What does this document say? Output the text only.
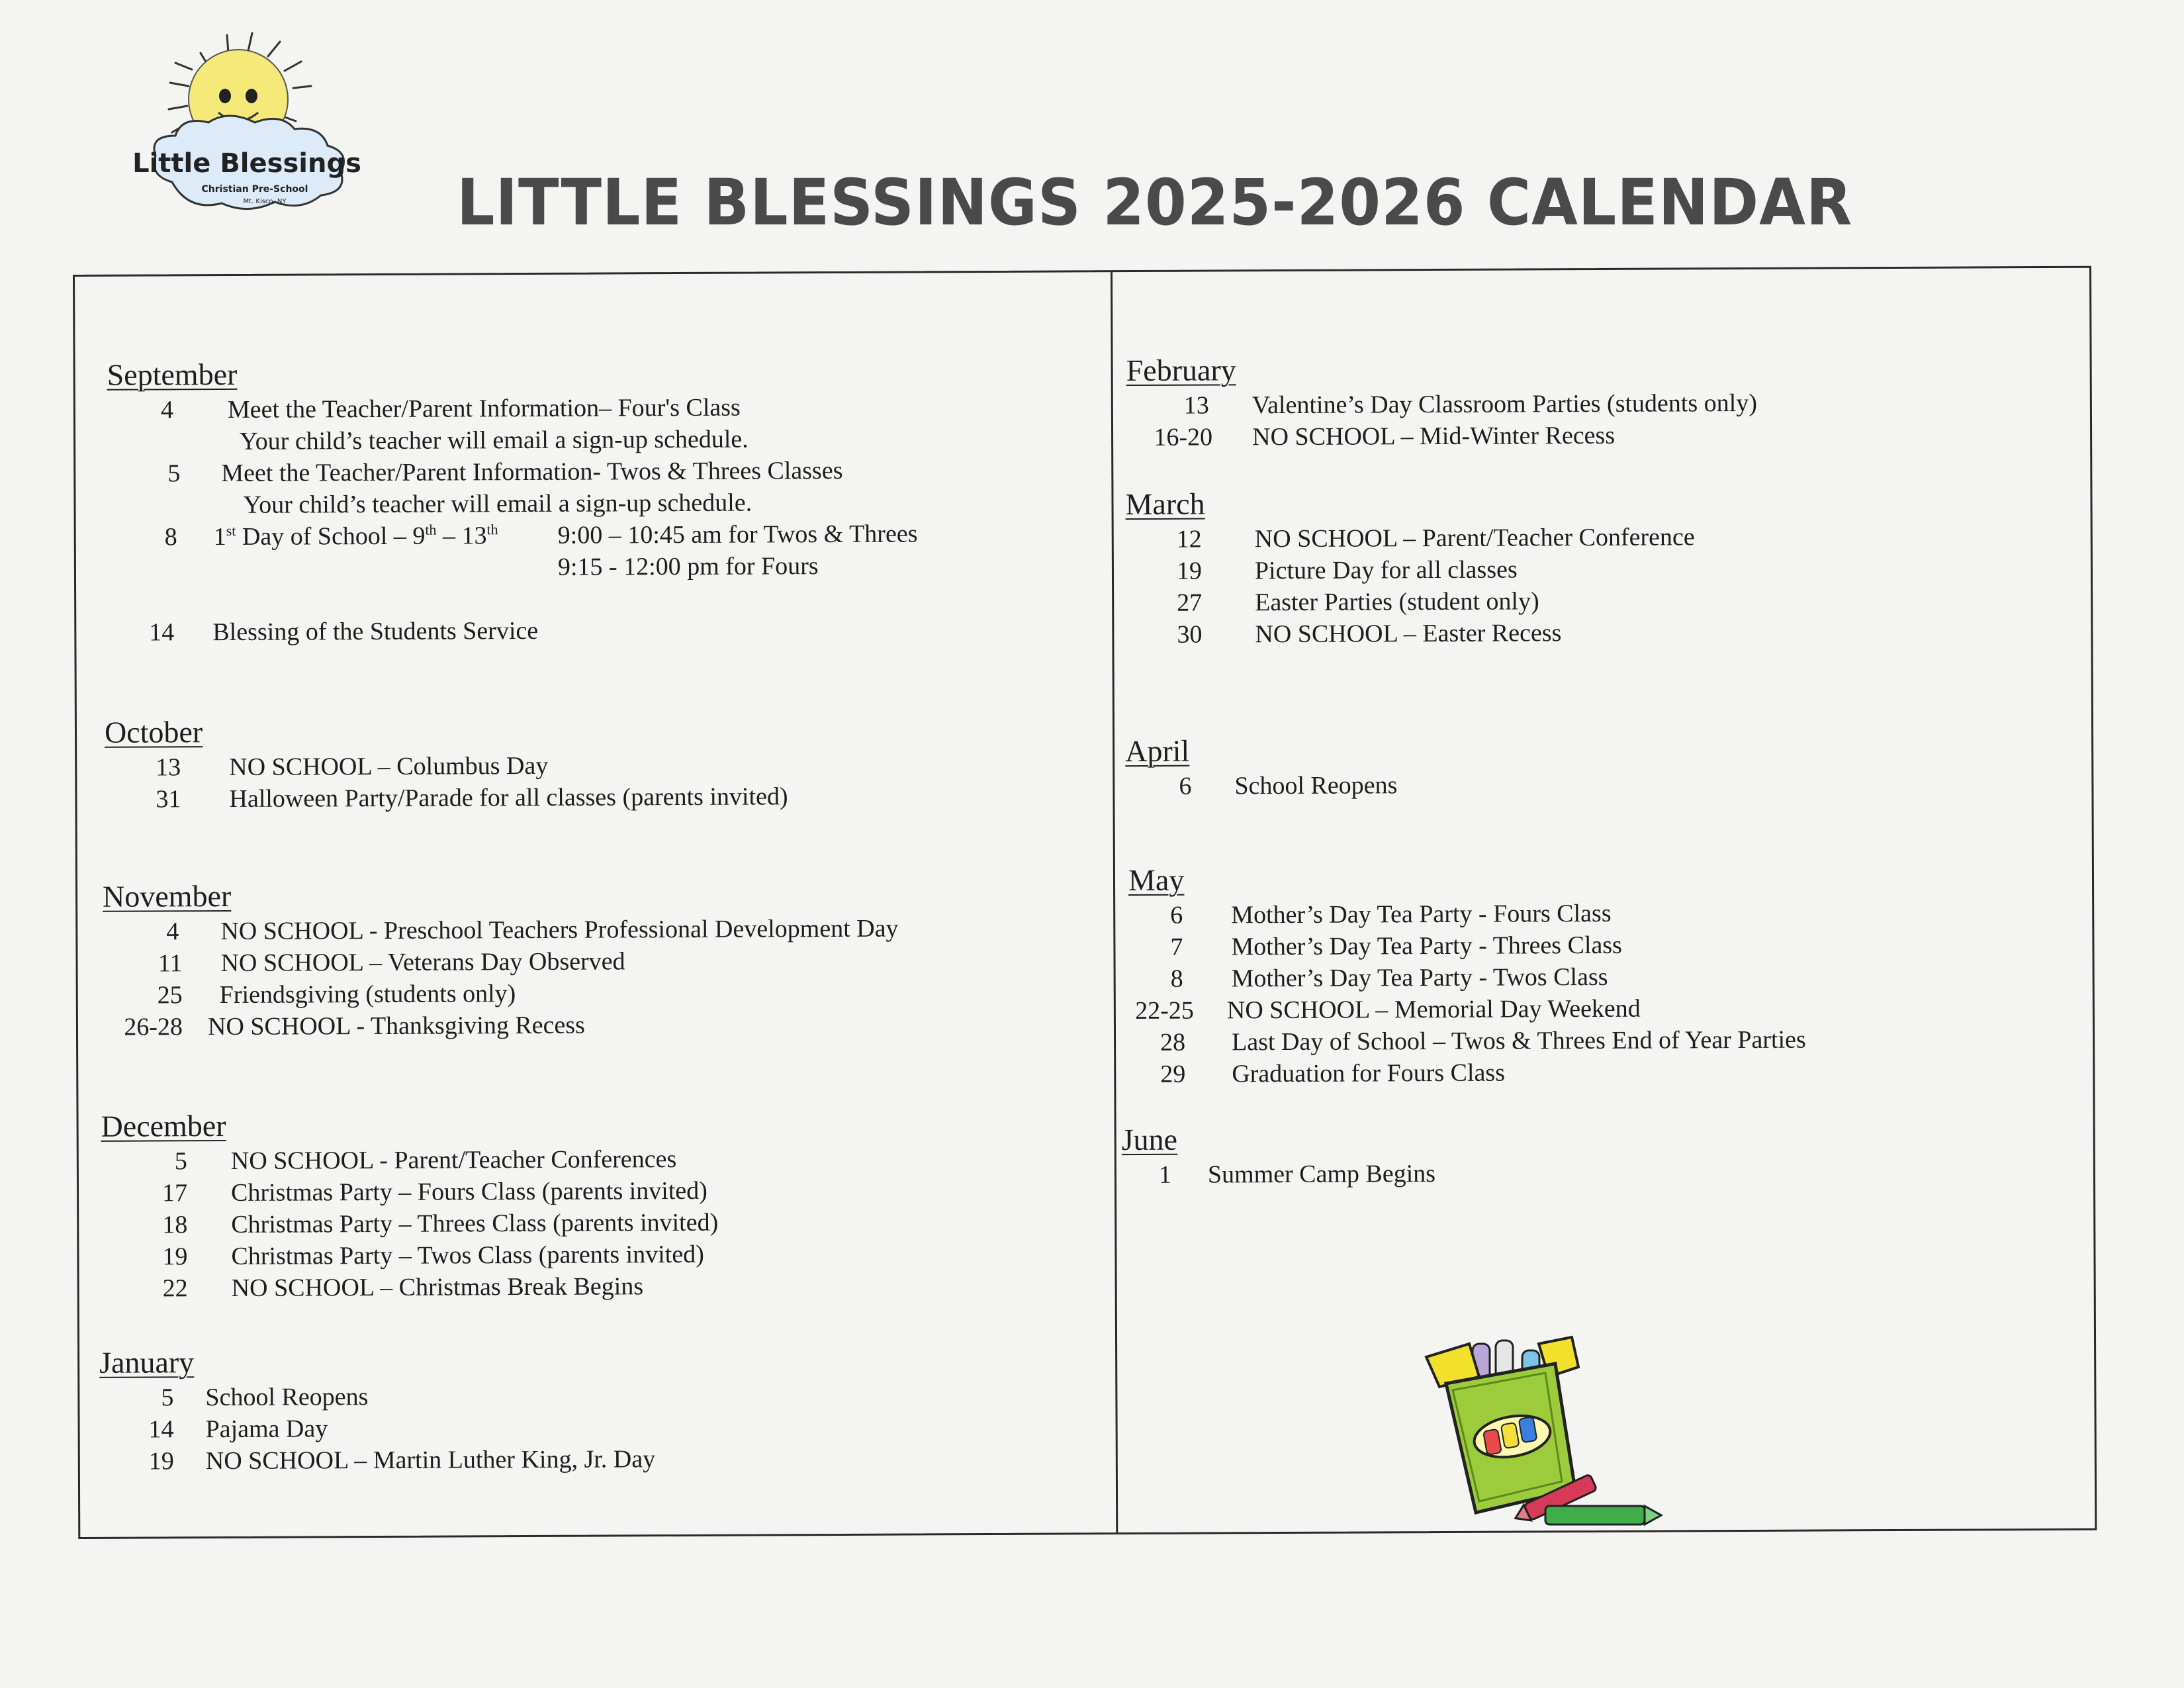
Little Blessings
Christian Pre-School
Mt. Kisco, NY	LITTLE BLESSINGS 2025-2026 CALENDAR
September
4 Meet the Teacher/Parent Information– Four's Class
Your child’s teacher will email a sign-up schedule.
5 Meet the Teacher/Parent Information- Twos & Threes Classes
Your child’s teacher will email a sign-up schedule.
8 1st Day of School – 9th – 13th 9:00 – 10:45 am for Twos & Threes
9:15 - 12:00 pm for Fours
14 Blessing of the Students Service
October
13 NO SCHOOL – Columbus Day
31 Halloween Party/Parade for all classes (parents invited)
November
4 NO SCHOOL - Preschool Teachers Professional Development Day
11 NO SCHOOL – Veterans Day Observed
25 Friendsgiving (students only)
26-28 NO SCHOOL - Thanksgiving Recess
December
5 NO SCHOOL - Parent/Teacher Conferences
17 Christmas Party – Fours Class (parents invited)
18 Christmas Party – Threes Class (parents invited)
19 Christmas Party – Twos Class (parents invited)
22 NO SCHOOL – Christmas Break Begins
January
5 School Reopens
14 Pajama Day
19 NO SCHOOL – Martin Luther King, Jr. Day
February
13 Valentine’s Day Classroom Parties (students only)
16-20 NO SCHOOL – Mid-Winter Recess
March
12 NO SCHOOL – Parent/Teacher Conference
19 Picture Day for all classes
27 Easter Parties (student only)
30 NO SCHOOL – Easter Recess
April
6 School Reopens
May
6 Mother’s Day Tea Party - Fours Class
7 Mother’s Day Tea Party - Threes Class
8 Mother’s Day Tea Party - Twos Class
22-25 NO SCHOOL – Memorial Day Weekend
28 Last Day of School – Twos & Threes End of Year Parties
29 Graduation for Fours Class
June
1 Summer Camp Begins
